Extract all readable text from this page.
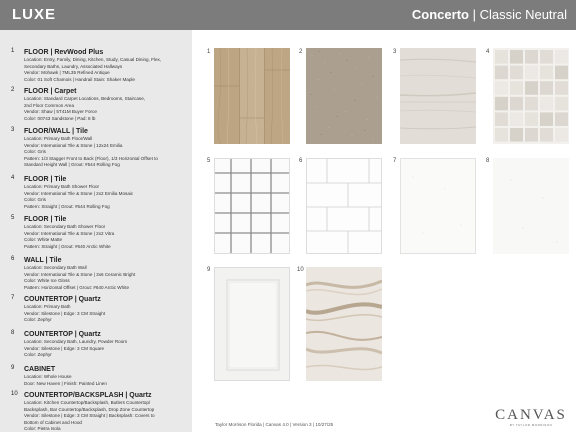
LUXE	Concerto | Classic Neutral
1 FLOOR | RevWood Plus
Location: Entry, Family, Dining, Kitchen, Study, Casual Dining, Flex,
Secondary Baths, Laundry, Associated Hallways
Vendor: Mohawk | 7ML35 Refined Antique
Color: 01 Soft Chamois | Handrail Stain: Shaker Maple
2 FLOOR | Carpet
Location: Standard Carpet Locations, Bedrooms, Staircase,
2nd Floor Common Area
Vendor: Shaw | 5T41M Buyer Force
Color: 00743 Sandstone | Pad: 8 lb
3 FLOOR/WALL | Tile
Location: Primary Bath Floor/Wall
Vendor: International Tile & Stone | 12x24 Emilia
Color: Gris
Pattern: 1/3 Stagger Front to Back (Floor), 1/3 Horizontal Offset to
Standard Height Wall | Grout: #544 Rolling Fog
4 FLOOR | Tile
Location: Primary Bath Shower Floor
Vendor: International Tile & Stone | 2x2 Emilia Mosaic
Color: Gris
Pattern: Straight | Grout: #544 Rolling Fog
5 FLOOR | Tile
Location: Secondary Bath Shower Floor
Vendor: International Tile & Stone | 2x2 Vitra
Color: White Matte
Pattern: Straight | Grout: #640 Arctic White
6 WALL | Tile
Location: Secondary Bath Wall
Vendor: International Tile & Stone | 3x6 Ceramic Bright
Color: White Ice Gloss
Pattern: Horizontal Offset | Grout: #640 Arctic White
7 COUNTERTOP | Quartz
Location: Primary Bath
Vendor: Silestone | Edge: 3 CM Straight
Color: Zephyr
8 COUNTERTOP | Quartz
Location: Secondary Bath, Laundry, Powder Room
Vendor: Silestone | Edge: 3 CM Square
Color: Zephyr
9 CABINET
Location: Whole House
Door: New Haven | Finish: Painted Linen
10 COUNTERTOP/BACKSPLASH | Quartz
Location: Kitchen Countertop/Backsplash, Butlers Countertop/
Backsplash, Bar Countertop/Backsplash, Drop Zone Countertop
Vendor: Silestone | Edge: 3 CM Straight | Backsplash: Covers to
Bottom of Cabinet and Hood
Color: Pietra Isola
1	2	3	4
5	6	7	8
9	10
Taylor Morrison Florida | Canvas 4.0 | Version 3 | 10/27/25
CANVAS
BY TAYLOR MORRISON
